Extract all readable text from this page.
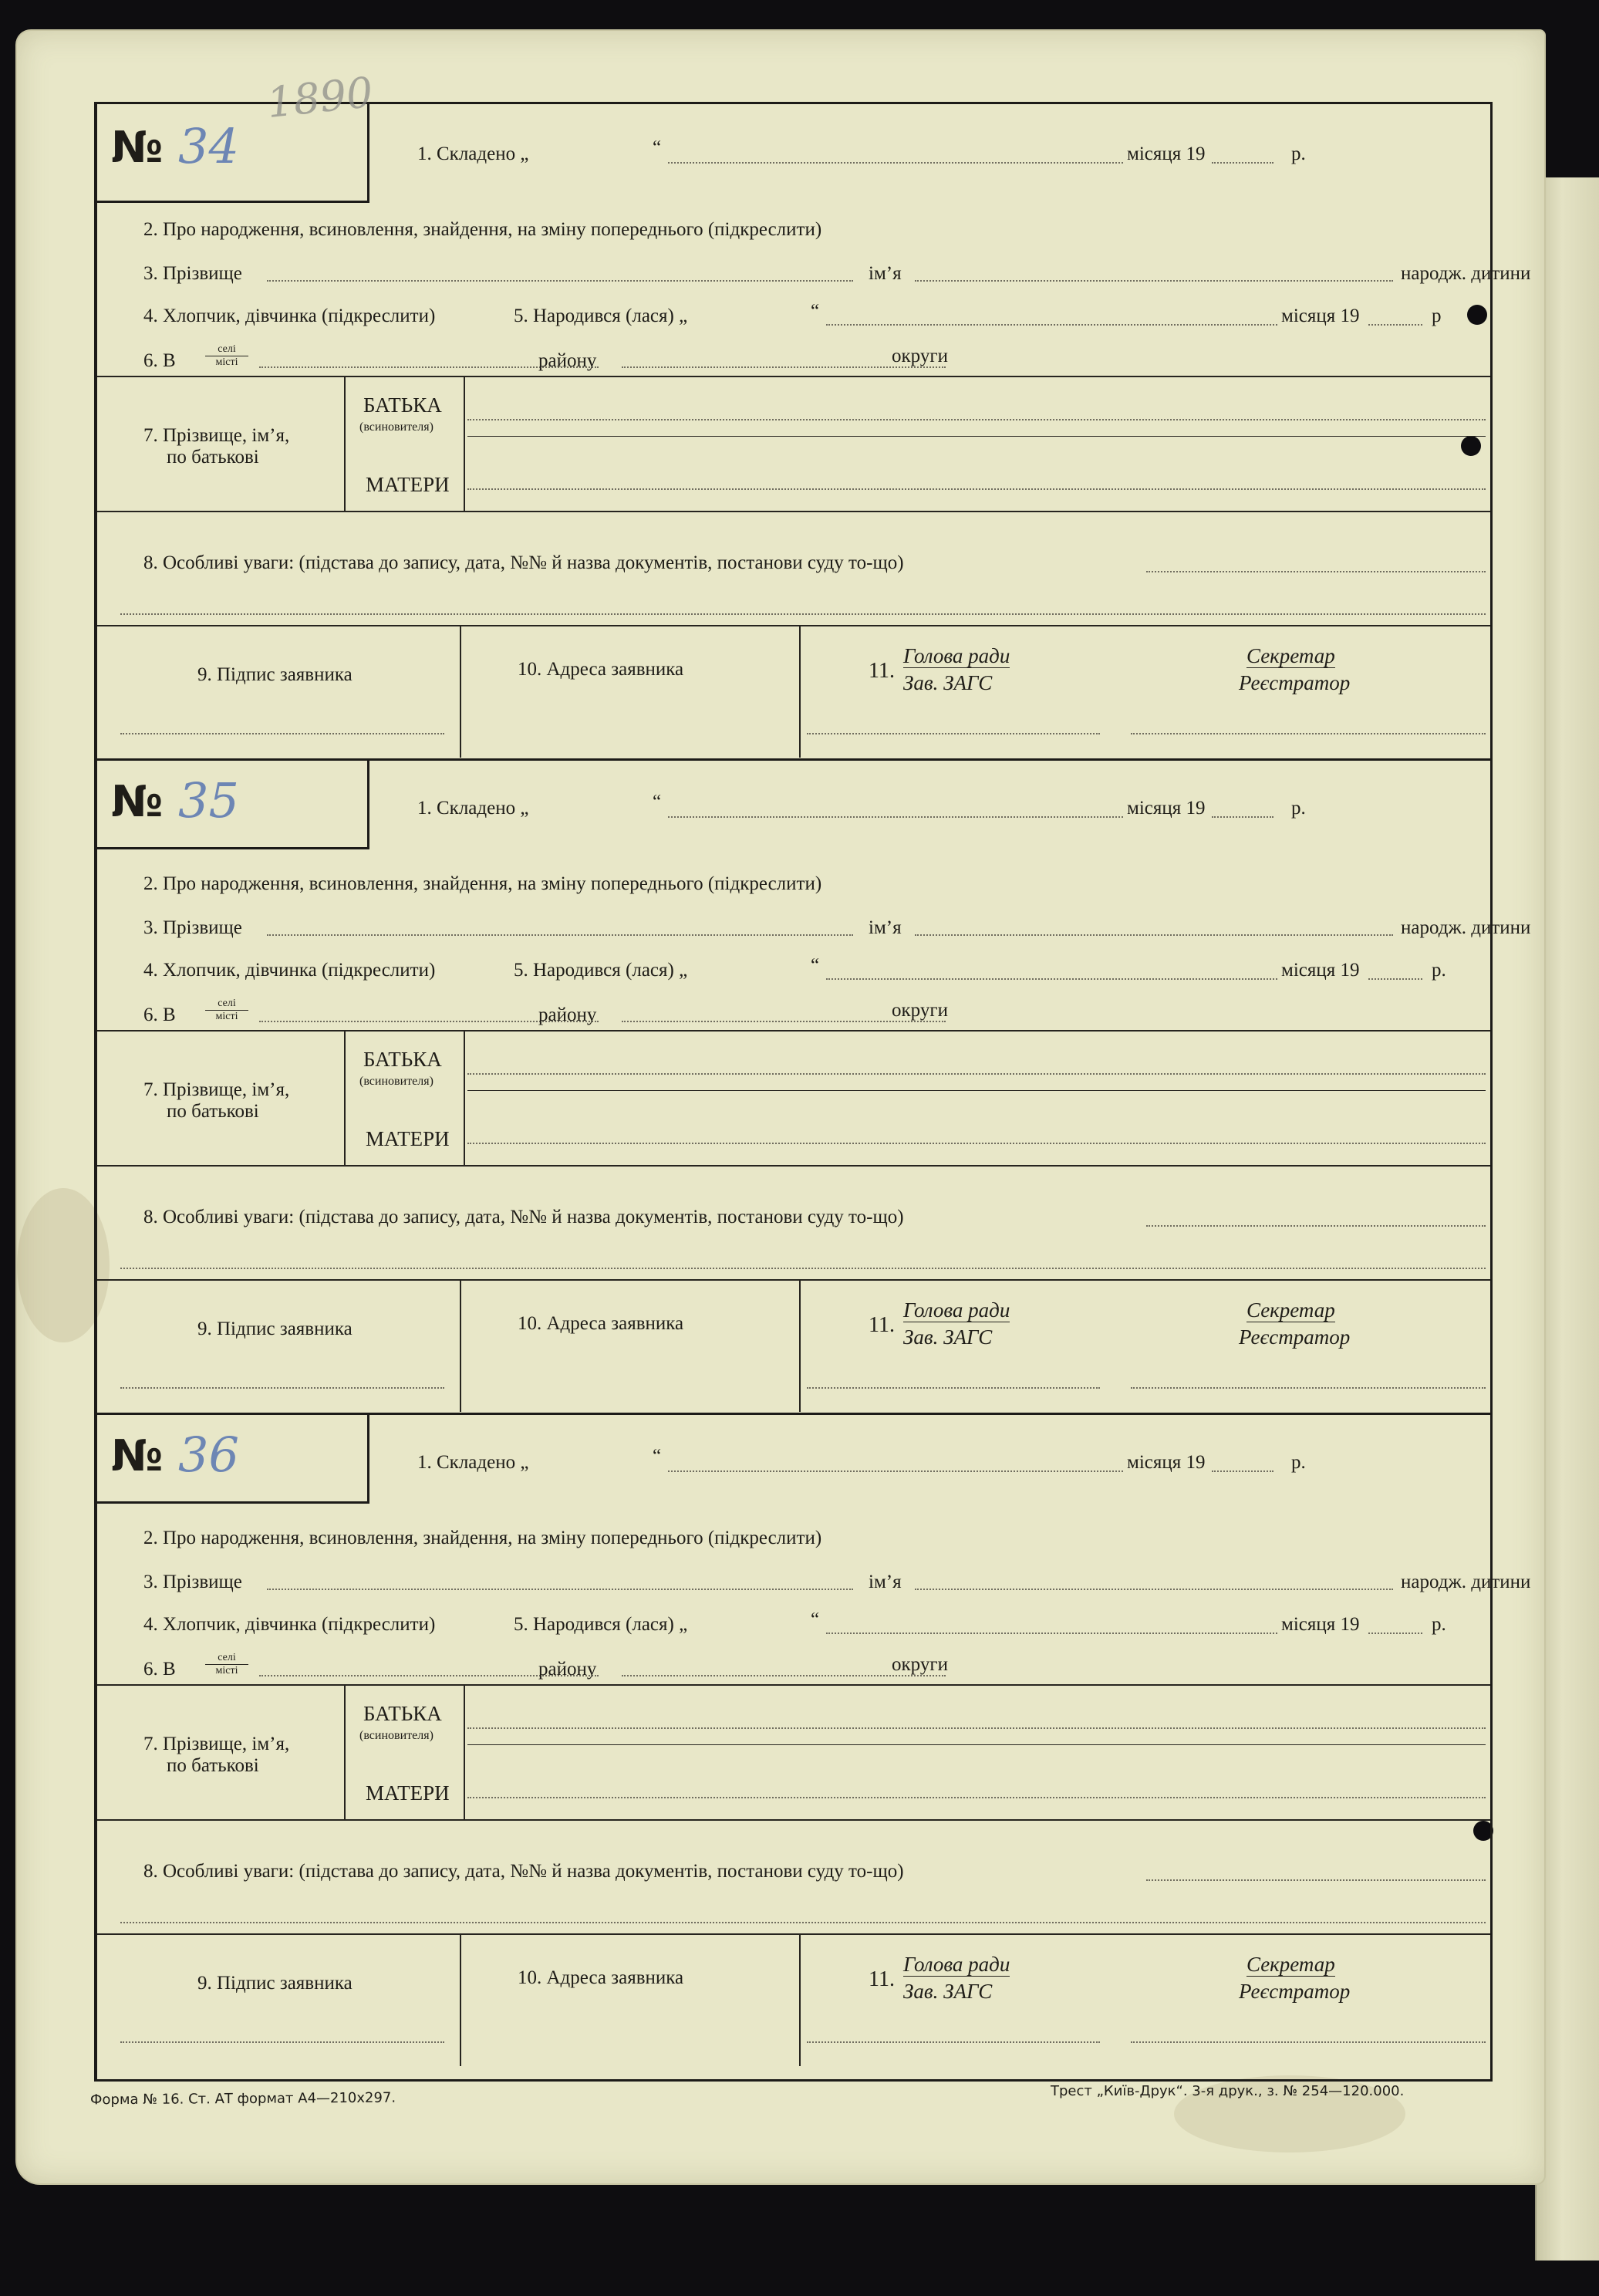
№ 34
1890
1. Складено „	“	місяця 19	р.
2. Про народження, всиновлення, знайдення, на зміну попереднього (підкреслити)
3. Прізвище	ім’я	народж. дитини
4. Хлопчик, дівчинка (підкреслити)	5. Народився (лася) „	“	місяця 19	р
6. В
селі
місті	району	округи
7. Прізвище, ім’я,
по батькові
БАТЬКА
(всиновителя)
МАТЕРИ
8. Особливі уваги: (підстава до запису, дата, №№ й назва документів, постанови суду то-що)
9. Підпис заявника	10. Адреса заявника	11.
Голова ради
Зав. ЗАГС
Секретар
Реєстратор
№ 35	1. Складено „	“	місяця 19	р.
2. Про народження, всиновлення, знайдення, на зміну попереднього (підкреслити)
3. Прізвище	ім’я	народж. дитини
4. Хлопчик, дівчинка (підкреслити)	5. Народився (лася) „	“	місяця 19	р.
6. В
селі
місті	району	округи
7. Прізвище, ім’я,
по батькові
БАТЬКА
(всиновителя)
МАТЕРИ
8. Особливі уваги: (підстава до запису, дата, №№ й назва документів, постанови суду то-що)
9. Підпис заявника	10. Адреса заявника	11.
Голова ради
Зав. ЗАГС
Секретар
Реєстратор
№ 36	1. Складено „	“	місяця 19	р.
2. Про народження, всиновлення, знайдення, на зміну попереднього (підкреслити)
3. Прізвище	ім’я	народж. дитини
4. Хлопчик, дівчинка (підкреслити)	5. Народився (лася) „	“	місяця 19	р.
6. В
селі
місті	району	округи
7. Прізвище, ім’я,
по батькові
БАТЬКА
(всиновителя)
МАТЕРИ
8. Особливі уваги: (підстава до запису, дата, №№ й назва документів, постанови суду то-що)
9. Підпис заявника	10. Адреса заявника	11.
Голова ради
Зав. ЗАГС
Секретар
Реєстратор
Форма № 16. Ст. АТ формат А4—210х297.	Трест „Київ-Друк“. 3-я друк., з. № 254—120.000.
